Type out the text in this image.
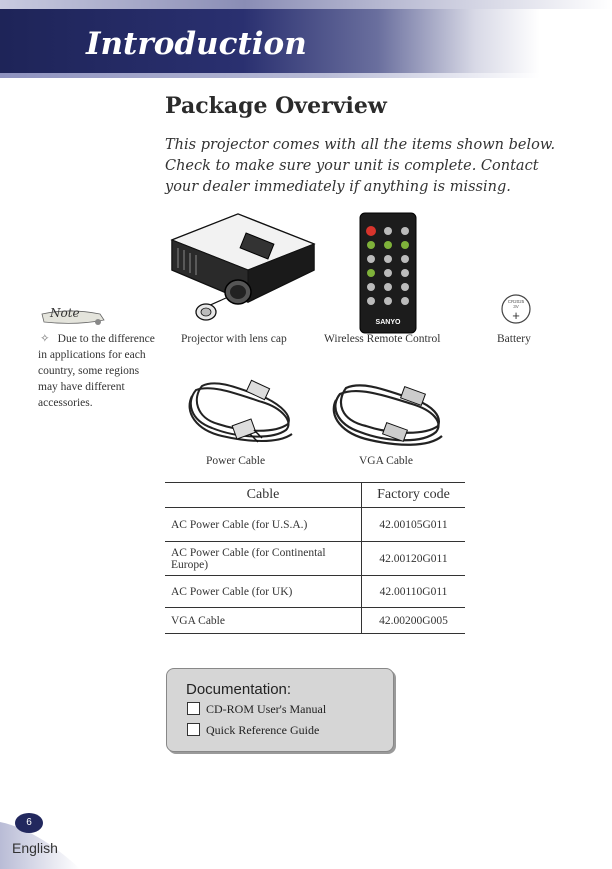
Introduction
Package Overview
This projector comes with all the items shown below. Check to make sure your unit is complete. Contact your dealer immediately if anything is missing.
Projector with lens cap
SANYO
Wireless Remote Control
CR2025
3V
+
Battery
Power Cable	VGA Cable
Note
✧ Due to the difference in applications for each country, some regions may have different accessories.
Cable	Factory code
AC Power Cable (for U.S.A.)	42.00105G011
AC Power Cable (for Continental Europe)	42.00120G011
AC Power Cable (for UK)	42.00110G011
VGA Cable	42.00200G005
Documentation:
CD-ROM User's Manual
Quick Reference Guide
6
English
